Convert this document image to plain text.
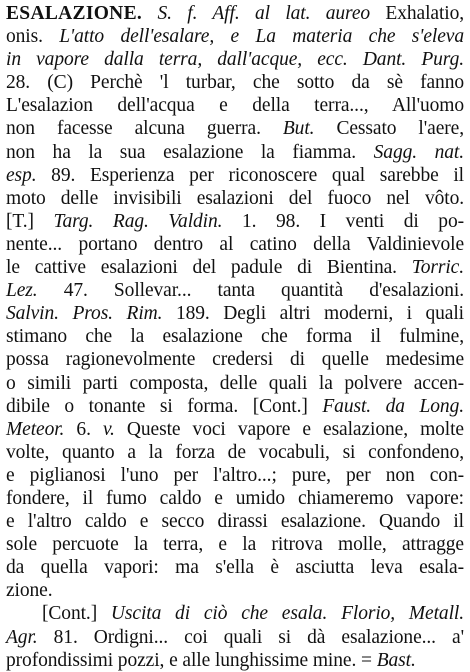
ESALAZIONE. S. f. Aff. al lat. aureo Exhalatio,
onis. L'atto dell'esalare, e La materia che s'eleva
in vapore dalla terra, dall'acque, ecc. Dant. Purg.
28. (C) Perchè 'l turbar, che sotto da sè fanno
L'esalazion dell'acqua e della terra..., All'uomo
non facesse alcuna guerra. But. Cessato l'aere,
non ha la sua esalazione la fiamma. Sagg. nat.
esp. 89. Esperienza per riconoscere qual sarebbe il
moto delle invisibili esalazioni del fuoco nel vôto.
[T.] Targ. Rag. Valdin. 1. 98. I venti di po-
nente... portano dentro al catino della Valdinievole
le cattive esalazioni del padule di Bientina. Torric.
Lez. 47. Sollevar... tanta quantità d'esalazioni.
Salvin. Pros. Rim. 189. Degli altri moderni, i quali
stimano che la esalazione che forma il fulmine,
possa ragionevolmente credersi di quelle medesime
o simili parti composta, delle quali la polvere accen-
dibile o tonante si forma. [Cont.] Faust. da Long.
Meteor. 6. v. Queste voci vapore e esalazione, molte
volte, quanto a la forza de vocabuli, si confondeno,
e piglianosi l'uno per l'altro...; pure, per non con-
fondere, il fumo caldo e umido chiameremo vapore:
e l'altro caldo e secco dirassi esalazione. Quando il
sole percuote la terra, e la ritrova molle, attragge
da quella vapori: ma s'ella è asciutta leva esala-
zione.
[Cont.] Uscita di ciò che esala. Florio, Metall.
Agr. 81. Ordigni... coi quali si dà esalazione... a'
profondissimi pozzi, e alle lunghissime mine. = Bast.
